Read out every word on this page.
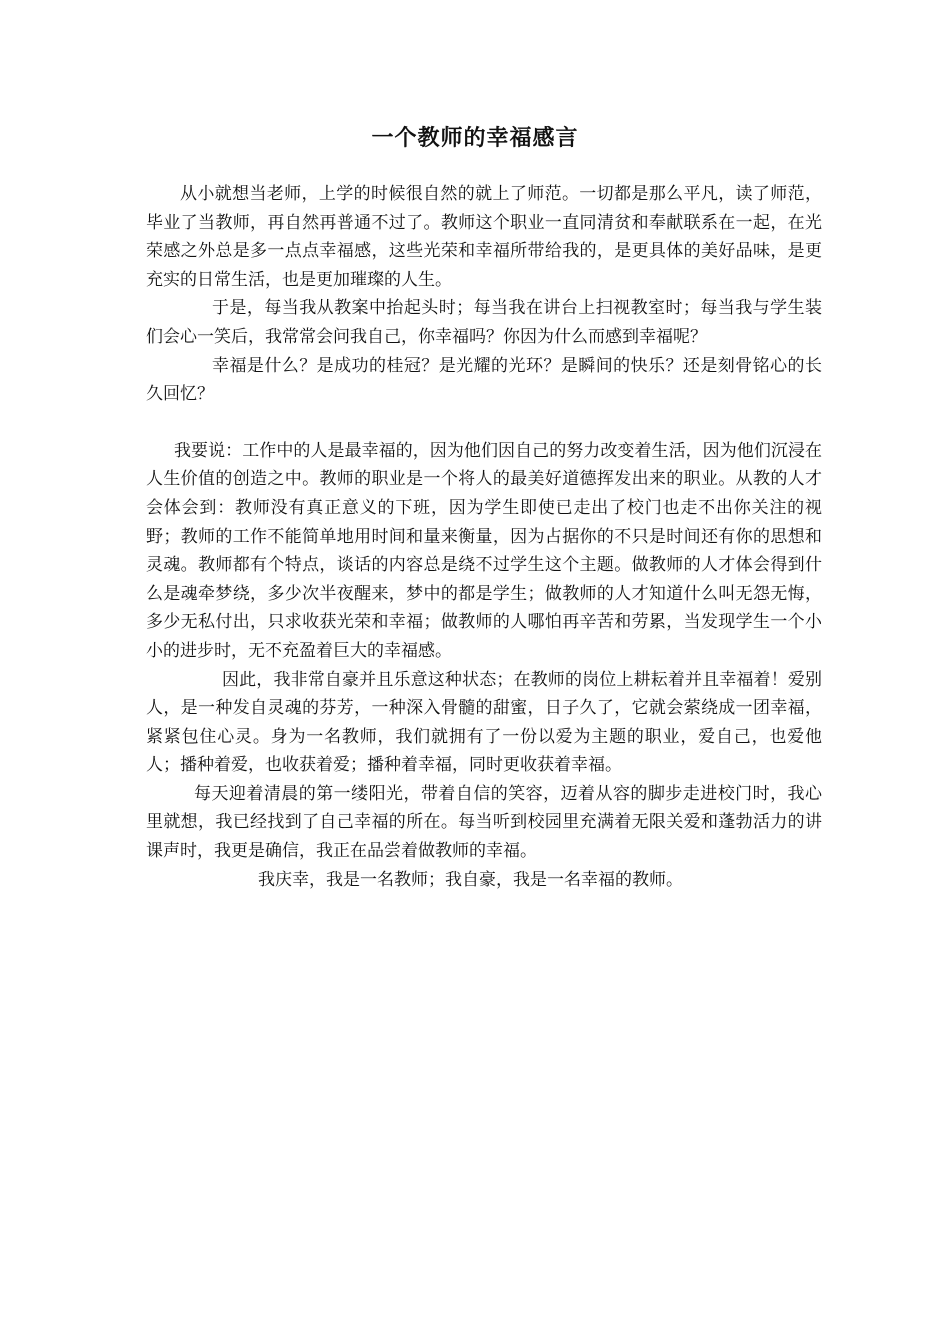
一个教师的幸福感言

从小就想当老师，上学的时候很自然的就上了师范。一切都是那么平凡，读了师范，毕业了当教师，再自然再普通不过了。教师这个职业一直同清贫和奉献联系在一起，在光荣感之外总是多一点点幸福感，这些光荣和幸福所带给我的，是更具体的美好品味，是更充实的日常生活，也是更加璀璨的人生。

于是，每当我从教案中抬起头时；每当我在讲台上扫视教室时；每当我与学生装们会心一笑后，我常常会问我自己，你幸福吗？你因为什么而感到幸福呢？

幸福是什么？是成功的桂冠？是光耀的光环？是瞬间的快乐？还是刻骨铭心的长久回忆？

我要说：工作中的人是最幸福的，因为他们因自己的努力改变着生活，因为他们沉浸在人生价值的创造之中。教师的职业是一个将人的最美好道德挥发出来的职业。从教的人才会体会到：教师没有真正意义的下班，因为学生即使已走出了校门也走不出你关注的视野；教师的工作不能简单地用时间和量来衡量，因为占据你的不只是时间还有你的思想和灵魂。教师都有个特点，谈话的内容总是绕不过学生这个主题。做教师的人才体会得到什么是魂牵梦绕，多少次半夜醒来，梦中的都是学生；做教师的人才知道什么叫无怨无悔，多少无私付出，只求收获光荣和幸福；做教师的人哪怕再辛苦和劳累，当发现学生一个小小的进步时，无不充盈着巨大的幸福感。

因此，我非常自豪并且乐意这种状态；在教师的岗位上耕耘着并且幸福着！爱别人，是一种发自灵魂的芬芳，一种深入骨髓的甜蜜，日子久了，它就会萦绕成一团幸福，紧紧包住心灵。身为一名教师，我们就拥有了一份以爱为主题的职业，爱自己，也爱他人；播种着爱，也收获着爱；播种着幸福，同时更收获着幸福。

每天迎着清晨的第一缕阳光，带着自信的笑容，迈着从容的脚步走进校门时，我心里就想，我已经找到了自己幸福的所在。每当听到校园里充满着无限关爱和蓬勃活力的讲课声时，我更是确信，我正在品尝着做教师的幸福。

我庆幸，我是一名教师；我自豪，我是一名幸福的教师。
